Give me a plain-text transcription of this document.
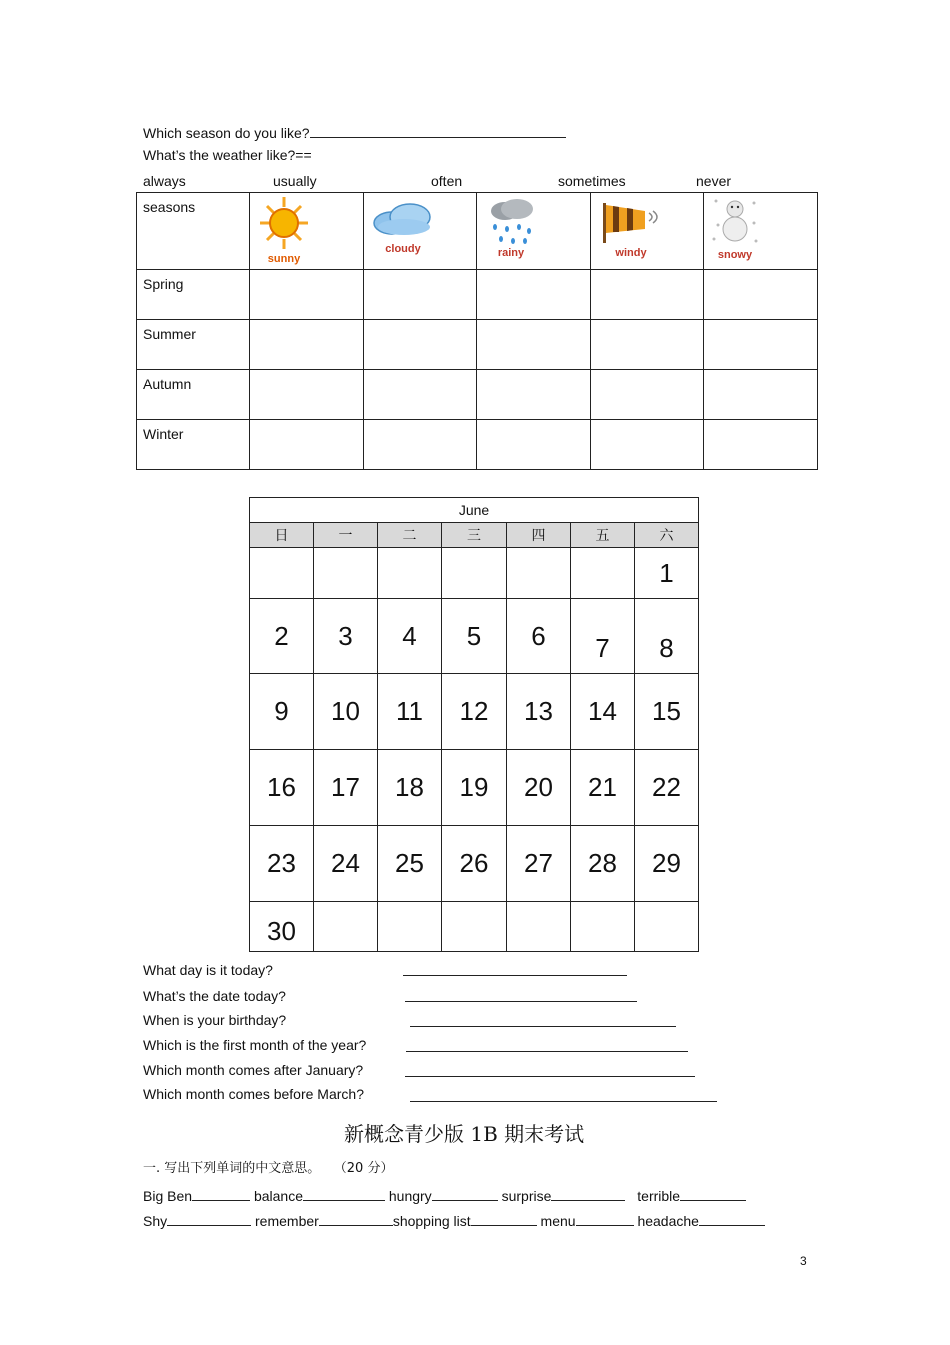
Which season do you like?
What’s the weather like?==
always	usually	often	sometimes	never
seasons	sunny	cloudy	rainy	windy	snowy

Spring					
Summer					
Autumn					
Winter					
June						
日	一	二	三	四	五	六
						1
2	3	4	5	6	7	8
9	10	11	12	13	14	15
16	17	18	19	20	21	22
23	24	25	26	27	28	29
30						
What day is it today?
What’s the date today?
When is your birthday?
Which is the first month of the year?
Which month comes after January?
Which month comes before March?
新概念青少版 1B 期末考试
一. 写出下列单词的中文意思。 （20 分）
Big Ben	balance	hungry	surprise	terrible
Shy	remember	shopping list	menu	headache
3
